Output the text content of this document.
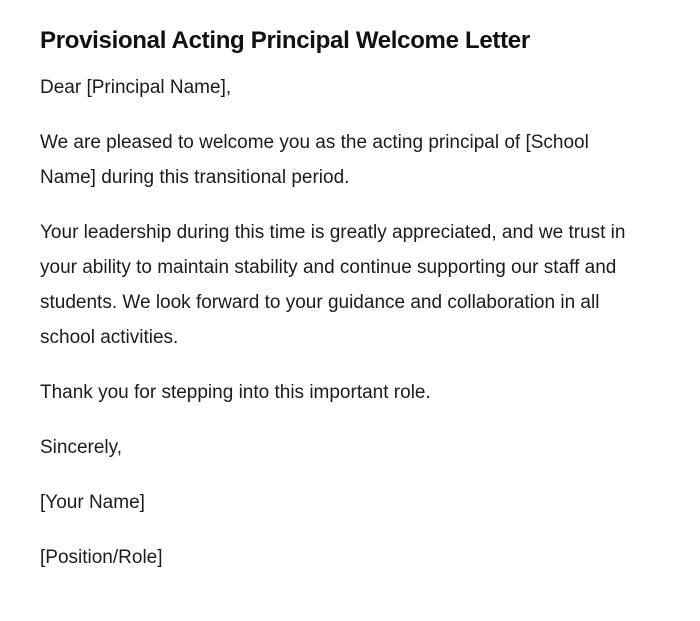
Provisional Acting Principal Welcome Letter

Dear [Principal Name],

We are pleased to welcome you as the acting principal of [School Name] during this transitional period.

Your leadership during this time is greatly appreciated, and we trust in your ability to maintain stability and continue supporting our staff and students. We look forward to your guidance and collaboration in all school activities.

Thank you for stepping into this important role.

Sincerely,

[Your Name]

[Position/Role]
